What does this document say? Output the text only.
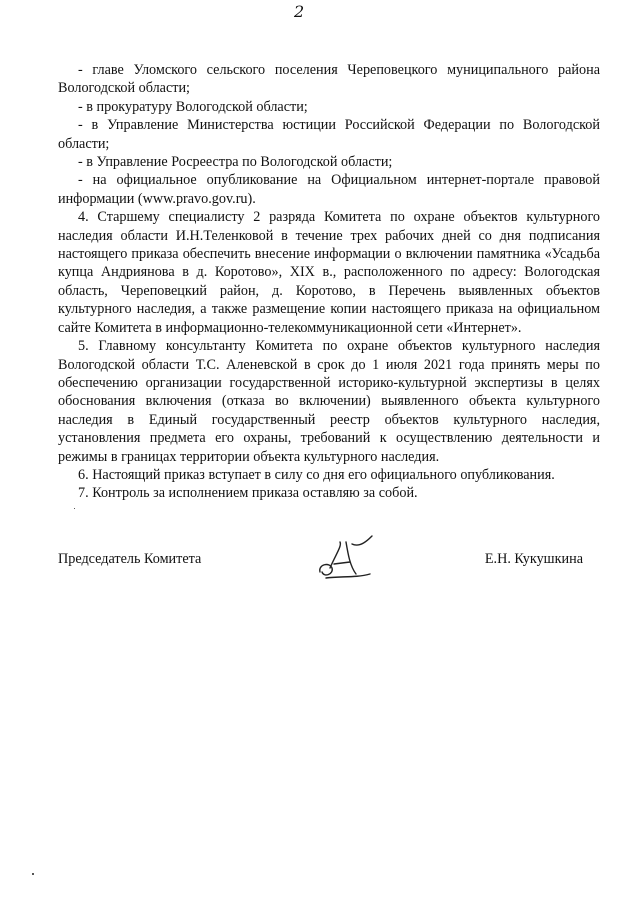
2

- главе Уломского сельского поселения Череповецкого муниципального района Вологодской области;

- в прокуратуру Вологодской области;

- в Управление Министерства юстиции Российской Федерации по Вологодской области;

- в Управление Росреестра по Вологодской области;

- на официальное опубликование на Официальном интернет-портале правовой информации (www.pravo.gov.ru).

4. Старшему специалисту 2 разряда Комитета по охране объектов культурного наследия области И.Н.Теленковой в течение трех рабочих дней со дня подписания настоящего приказа обеспечить внесение информации о включении памятника «Усадьба купца Андриянова в д. Коротово», XIX в., расположенного по адресу: Вологодская область, Череповецкий район, д. Коротово, в Перечень выявленных объектов культурного наследия, а также размещение копии настоящего приказа на официальном сайте Комитета в информационно-телекоммуникационной сети «Интернет».

5. Главному консультанту Комитета по охране объектов культурного наследия Вологодской области Т.С. Аленевской в срок до 1 июля 2021 года принять меры по обеспечению организации государственной историко-культурной экспертизы в целях обоснования включения (отказа во включении) выявленного объекта культурного наследия в Единый государственный реестр объектов культурного наследия, установления предмета его охраны, требований к осуществлению деятельности и режимы в границах территории объекта культурного наследия.

6. Настоящий приказ вступает в силу со дня его официального опубликования.

7. Контроль за исполнением приказа оставляю за собой.

Председатель Комитета	Е.Н. Кукушкина
